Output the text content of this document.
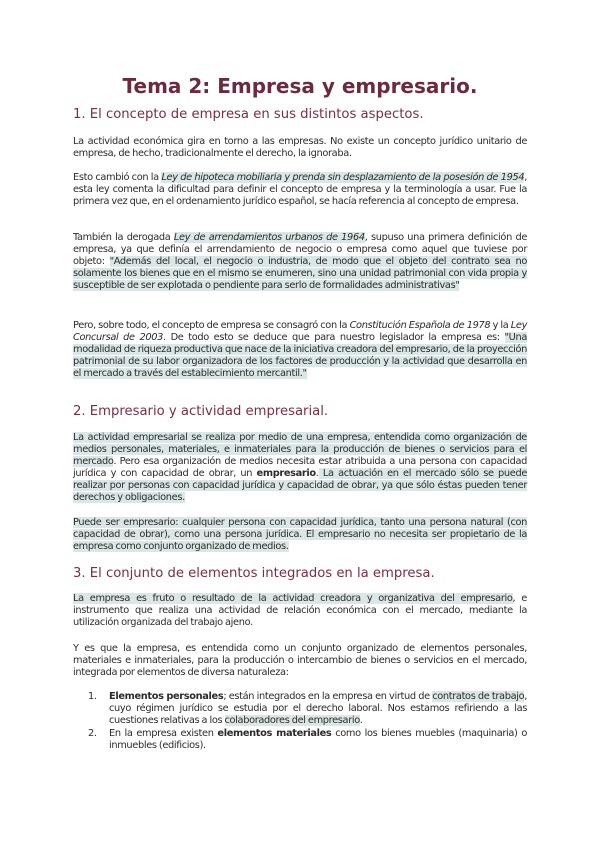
Tema 2: Empresa y empresario.
1. El concepto de empresa en sus distintos aspectos.

La actividad económica gira en torno a las empresas. No existe un concepto jurídico unitario de empresa, de hecho, tradicionalmente el derecho, la ignoraba.

Esto cambió con la Ley de hipoteca mobiliaria y prenda sin desplazamiento de la posesión de 1954, esta ley comenta la dificultad para definir el concepto de empresa y la terminología a usar. Fue la primera vez que, en el ordenamiento jurídico español, se hacía referencia al concepto de empresa.

También la derogada Ley de arrendamientos urbanos de 1964, supuso una primera definición de empresa, ya que definía el arrendamiento de negocio o empresa como aquel que tuviese por objeto: "Además del local, el negocio o industria, de modo que el objeto del contrato sea no solamente los bienes que en el mismo se enumeren, sino una unidad patrimonial con vida propia y susceptible de ser explotada o pendiente para serlo de formalidades administrativas"

Pero, sobre todo, el concepto de empresa se consagró con la Constitución Española de 1978 y la Ley Concursal de 2003. De todo esto se deduce que para nuestro legislador la empresa es: "Una modalidad de riqueza productiva que nace de la iniciativa creadora del empresario, de la proyección patrimonial de su labor organizadora de los factores de producción y la actividad que desarrolla en el mercado a través del establecimiento mercantil."

2. Empresario y actividad empresarial.

La actividad empresarial se realiza por medio de una empresa, entendida como organización de medios personales, materiales, e inmateriales para la producción de bienes o servicios para el mercado. Pero esa organización de medios necesita estar atribuida a una persona con capacidad jurídica y con capacidad de obrar, un empresario. La actuación en el mercado sólo se puede realizar por personas con capacidad jurídica y capacidad de obrar, ya que sólo éstas pueden tener derechos y obligaciones.

Puede ser empresario: cualquier persona con capacidad jurídica, tanto una persona natural (con capacidad de obrar), como una persona jurídica. El empresario no necesita ser propietario de la empresa como conjunto organizado de medios.

3. El conjunto de elementos integrados en la empresa.

La empresa es fruto o resultado de la actividad creadora y organizativa del empresario, e instrumento que realiza una actividad de relación económica con el mercado, mediante la utilización organizada del trabajo ajeno.

Y es que la empresa, es entendida como un conjunto organizado de elementos personales, materiales e inmateriales, para la producción o intercambio de bienes o servicios en el mercado, integrada por elementos de diversa naturaleza:

1. Elementos personales; están integrados en la empresa en virtud de contratos de trabajo, cuyo régimen jurídico se estudia por el derecho laboral. Nos estamos refiriendo a las cuestiones relativas a los colaboradores del empresario.
2. En la empresa existen elementos materiales como los bienes muebles (maquinaria) o inmuebles (edificios).
